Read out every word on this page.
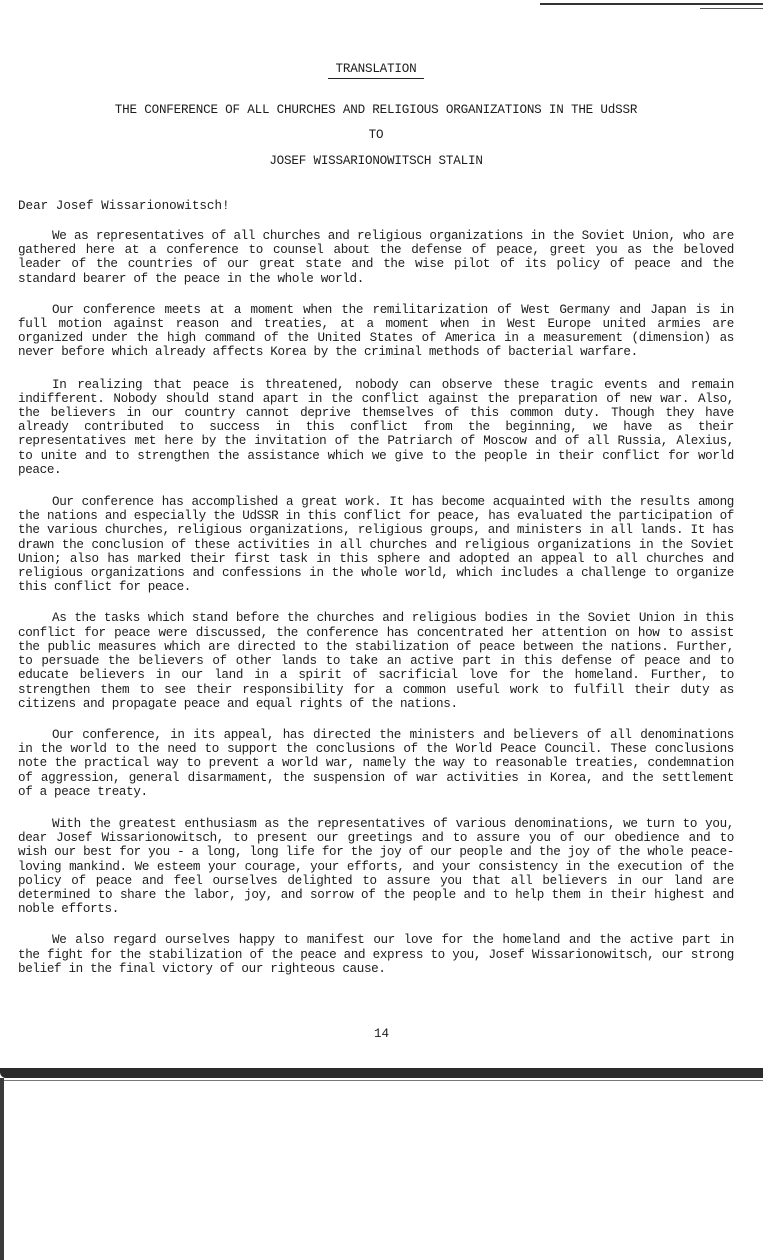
TRANSLATION

THE CONFERENCE OF ALL CHURCHES AND RELIGIOUS ORGANIZATIONS IN THE UdSSR

TO

JOSEF WISSARIONOWITSCH STALIN

Dear Josef Wissarionowitsch!

We as representatives of all churches and religious organizations in the Soviet Union, who are gathered here at a conference to counsel about the defense of peace, greet you as the beloved leader of the countries of our great state and the wise pilot of its policy of peace and the standard bearer of the peace in the whole world.

Our conference meets at a moment when the remilitarization of West Germany and Japan is in full motion against reason and treaties, at a moment when in West Europe united armies are organized under the high command of the United States of America in a measurement (dimension) as never before which already affects Korea by the criminal methods of bacterial warfare.

In realizing that peace is threatened, nobody can observe these tragic events and remain indifferent. Nobody should stand apart in the conflict against the preparation of new war. Also, the believers in our country cannot deprive themselves of this common duty. Though they have already contributed to success in this conflict from the beginning, we have as their representatives met here by the invitation of the Patriarch of Moscow and of all Russia, Alexius, to unite and to strengthen the assistance which we give to the people in their conflict for world peace.

Our conference has accomplished a great work. It has become acquainted with the results among the nations and especially the UdSSR in this conflict for peace, has evaluated the participation of the various churches, religious organizations, religious groups, and ministers in all lands. It has drawn the conclusion of these activities in all churches and religious organizations in the Soviet Union; also has marked their first task in this sphere and adopted an appeal to all churches and religious organizations and confessions in the whole world, which includes a challenge to organize this conflict for peace.

As the tasks which stand before the churches and religious bodies in the Soviet Union in this conflict for peace were discussed, the conference has concentrated her attention on how to assist the public measures which are directed to the stabilization of peace between the nations. Further, to persuade the believers of other lands to take an active part in this defense of peace and to educate believers in our land in a spirit of sacrificial love for the homeland. Further, to strengthen them to see their responsibility for a common useful work to fulfill their duty as citizens and propagate peace and equal rights of the nations.

Our conference, in its appeal, has directed the ministers and believers of all denominations in the world to the need to support the conclusions of the World Peace Council. These conclusions note the practical way to prevent a world war, namely the way to reasonable treaties, condemnation of aggression, general disarmament, the suspension of war activities in Korea, and the settlement of a peace treaty.

With the greatest enthusiasm as the representatives of various denominations, we turn to you, dear Josef Wissarionowitsch, to present our greetings and to assure you of our obedience and to wish our best for you - a long, long life for the joy of our people and the joy of the whole peace-loving mankind. We esteem your courage, your efforts, and your consistency in the execution of the policy of peace and feel ourselves delighted to assure you that all believers in our land are determined to share the labor, joy, and sorrow of the people and to help them in their highest and noble efforts.

We also regard ourselves happy to manifest our love for the homeland and the active part in the fight for the stabilization of the peace and express to you, Josef Wissarionowitsch, our strong belief in the final victory of our righteous cause.

14
